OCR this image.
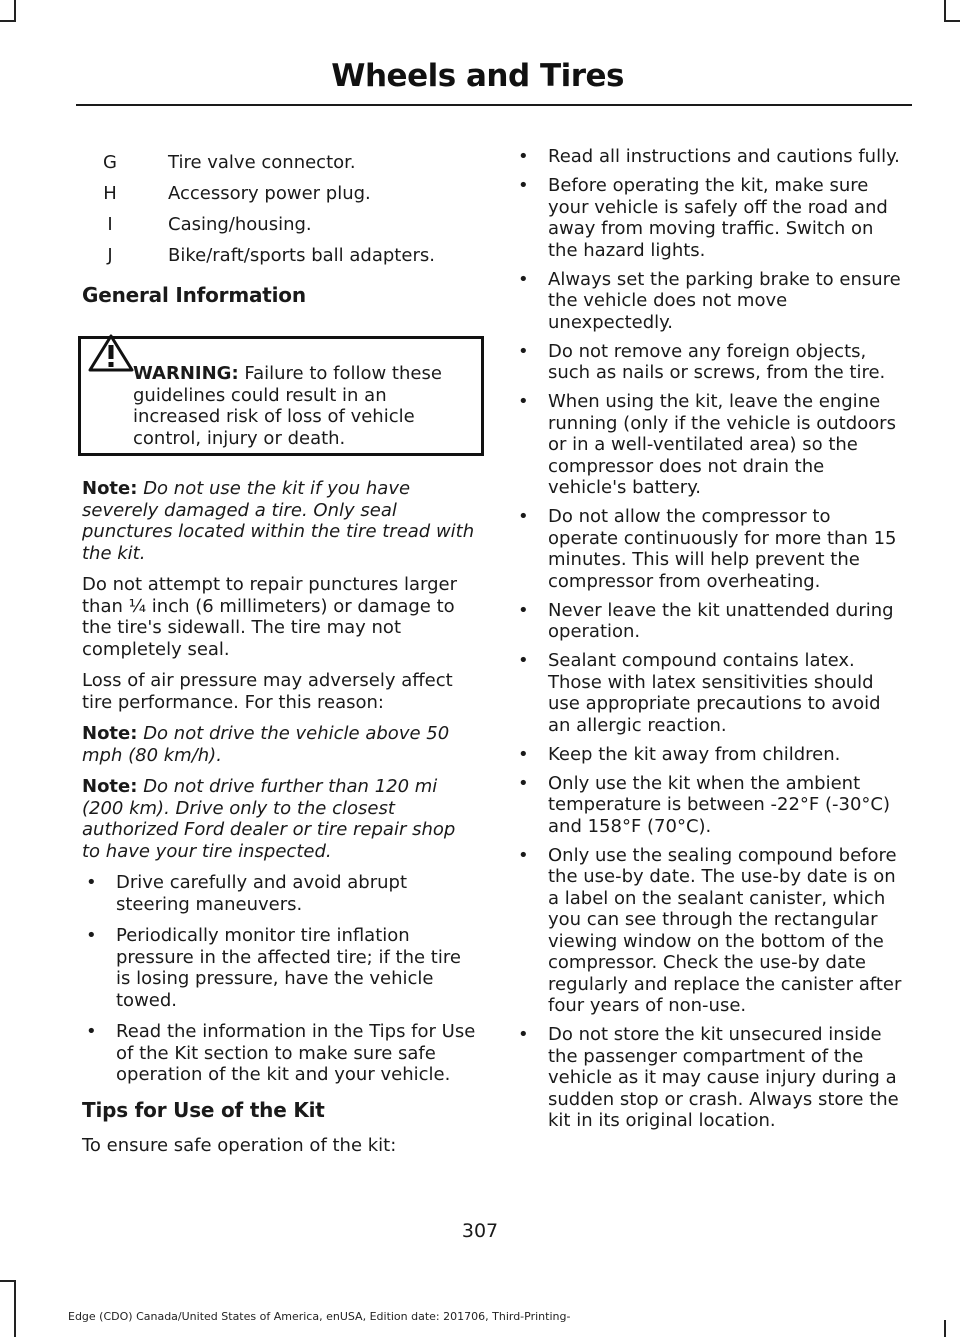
Wheels and Tires
G	Tire valve connector.
H	Accessory power plug.
I	Casing/housing.
J	Bike/raft/sports ball adapters.
General Information
WARNING: Failure to follow these guidelines could result in an increased risk of loss of vehicle control, injury or death.

Note: Do not use the kit if you have severely damaged a tire. Only seal punctures located within the tire tread with the kit.

Do not attempt to repair punctures larger than ¼ inch (6 millimeters) or damage to the tire's sidewall. The tire may not completely seal.

Loss of air pressure may adversely affect tire performance. For this reason:

Note: Do not drive the vehicle above 50 mph (80 km/h).

Note: Do not drive further than 120 mi (200 km). Drive only to the closest authorized Ford dealer or tire repair shop to have your tire inspected.

• Drive carefully and avoid abrupt steering maneuvers.
• Periodically monitor tire inflation pressure in the affected tire; if the tire is losing pressure, have the vehicle towed.
• Read the information in the Tips for Use of the Kit section to make sure safe operation of the kit and your vehicle.
Tips for Use of the Kit

To ensure safe operation of the kit:

• Read all instructions and cautions fully.
• Before operating the kit, make sure your vehicle is safely off the road and away from moving traffic. Switch on the hazard lights.
• Always set the parking brake to ensure the vehicle does not move unexpectedly.
• Do not remove any foreign objects, such as nails or screws, from the tire.
• When using the kit, leave the engine running (only if the vehicle is outdoors or in a well-ventilated area) so the compressor does not drain the vehicle's battery.
• Do not allow the compressor to operate continuously for more than 15 minutes. This will help prevent the compressor from overheating.
• Never leave the kit unattended during operation.
• Sealant compound contains latex. Those with latex sensitivities should use appropriate precautions to avoid an allergic reaction.
• Keep the kit away from children.
• Only use the kit when the ambient temperature is between -22°F (-30°C) and 158°F (70°C).
• Only use the sealing compound before the use-by date. The use-by date is on a label on the sealant canister, which you can see through the rectangular viewing window on the bottom of the compressor. Check the use-by date regularly and replace the canister after four years of non-use.
• Do not store the kit unsecured inside the passenger compartment of the vehicle as it may cause injury during a sudden stop or crash. Always store the kit in its original location.
307
Edge (CDO) Canada/United States of America, enUSA, Edition date: 201706, Third-Printing-
